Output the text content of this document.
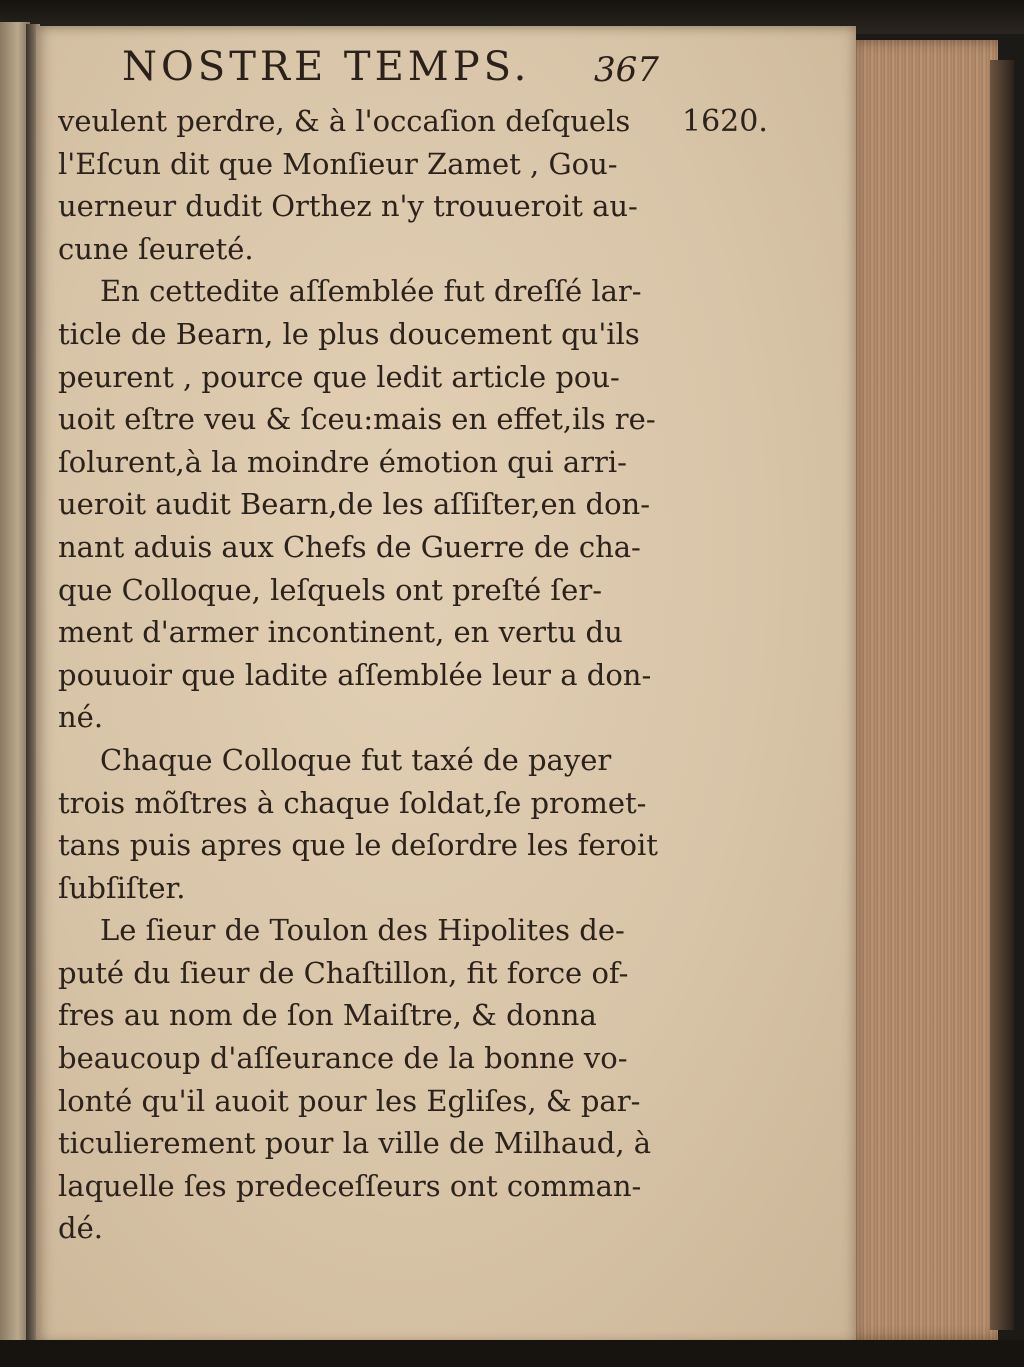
NOSTRE TEMPS. 367
1620.
veulent perdre, & à l'occaſion deſquels
l'Eſcun dit que Monſieur Zamet , Gou-
uerneur dudit Orthez n'y trouueroit au-
cune ſeureté.
En cettedite aſſemblée fut dreſſé lar-
ticle de Bearn, le plus doucement qu'ils
peurent , pource que ledit article pou-
uoit eſtre veu & ſceu:mais en effet,ils re-
ſolurent,à la moindre émotion qui arri-
ueroit audit Bearn,de les aſſiſter,en don-
nant aduis aux Chefs de Guerre de cha-
que Colloque, leſquels ont preſté ſer-
ment d'armer incontinent, en vertu du
pouuoir que ladite aſſemblée leur a don-
né.
Chaque Colloque fut taxé de payer
trois mõſtres à chaque ſoldat,ſe promet-
tans puis apres que le deſordre les feroit
ſubſiſter.
Le ſieur de Toulon des Hipolites de-
puté du ſieur de Chaſtillon, fit force of-
fres au nom de ſon Maiſtre, & donna
beaucoup d'aſſeurance de la bonne vo-
lonté qu'il auoit pour les Egliſes, & par-
ticulierement pour la ville de Milhaud, à
laquelle ſes predeceſſeurs ont comman-
dé.
